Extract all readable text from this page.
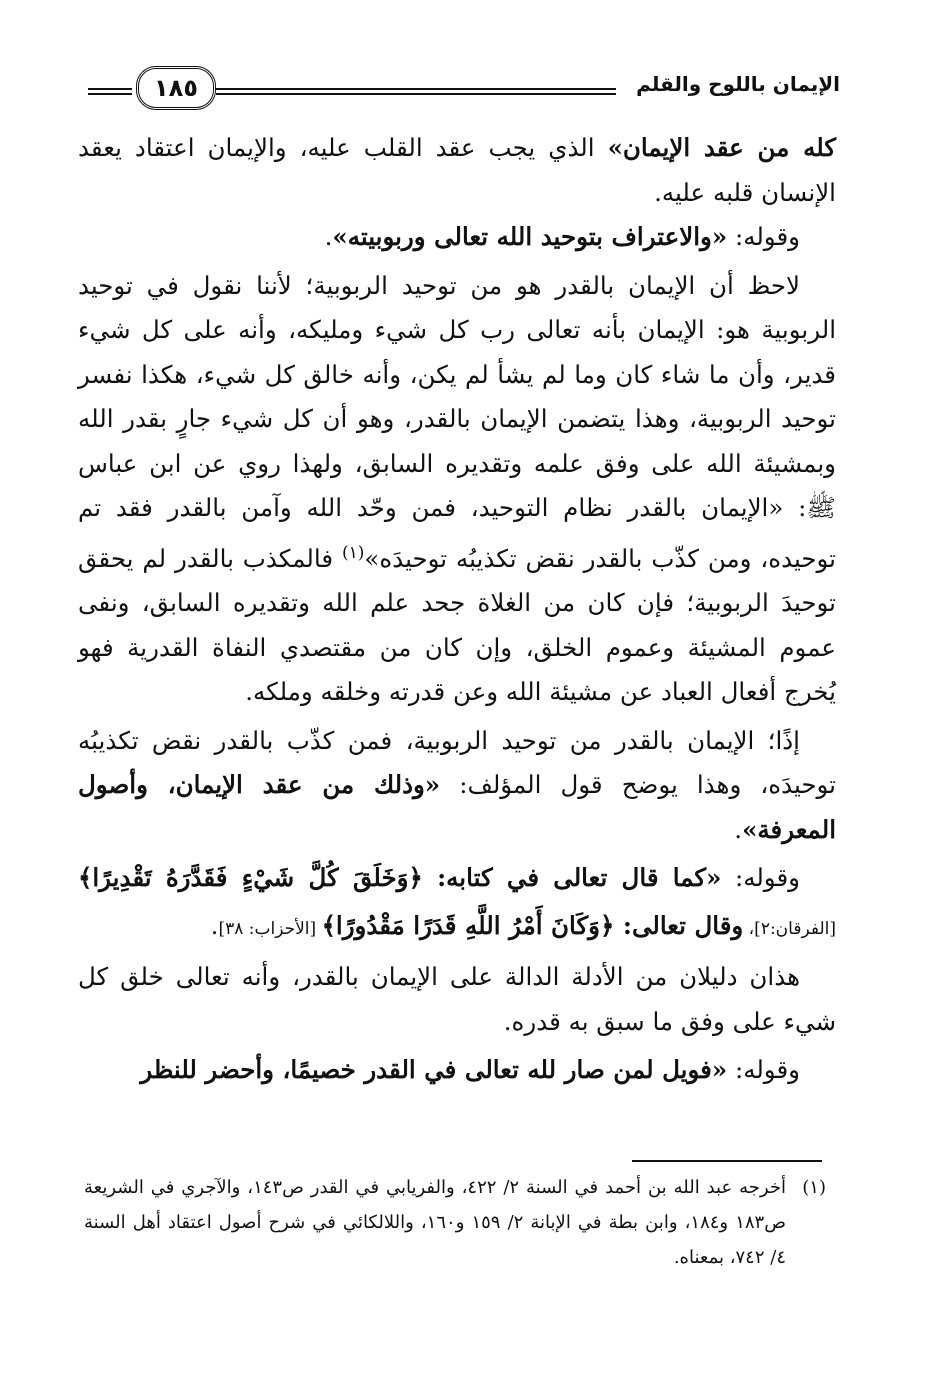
الإيمان باللوح والقلم
١٨٥

كله من عقد الإيمان» الذي يجب عقد القلب عليه، والإيمان اعتقاد يعقد الإنسان قلبه عليه.

وقوله: «والاعتراف بتوحيد الله تعالى وربوبيته».

لاحظ أن الإيمان بالقدر هو من توحيد الربوبية؛ لأننا نقول في توحيد الربوبية هو: الإيمان بأنه تعالى رب كل شيء ومليكه، وأنه على كل شيء قدير، وأن ما شاء كان وما لم يشأ لم يكن، وأنه خالق كل شيء، هكذا نفسر توحيد الربوبية، وهذا يتضمن الإيمان بالقدر، وهو أن كل شيء جارٍ بقدر الله وبمشيئة الله على وفق علمه وتقديره السابق، ولهذا روي عن ابن عباس ﷺ: «الإيمان بالقدر نظام التوحيد، فمن وحّد الله وآمن بالقدر فقد تم توحيده، ومن كذّب بالقدر نقض تكذيبُه توحيدَه»$^{(١)}$ فالمكذب بالقدر لم يحقق توحيدَ الربوبية؛ فإن كان من الغلاة جحد علم الله وتقديره السابق، ونفى عموم المشيئة وعموم الخلق، وإن كان من مقتصدي النفاة القدرية فهو يُخرج أفعال العباد عن مشيئة الله وعن قدرته وخلقه وملكه.

إذًا؛ الإيمان بالقدر من توحيد الربوبية، فمن كذّب بالقدر نقض تكذيبُه توحيدَه، وهذا يوضح قول المؤلف: «وذلك من عقد الإيمان، وأصول المعرفة».

وقوله: «كما قال تعالى في كتابه: ﴿وَخَلَقَ كُلَّ شَيْءٍ فَقَدَّرَهُ تَقْدِيرًا﴾ [الفرقان:٢]، وقال تعالى: ﴿وَكَانَ أَمْرُ اللَّهِ قَدَرًا مَقْدُورًا﴾ [الأحزاب: ٣٨].

هذان دليلان من الأدلة الدالة على الإيمان بالقدر، وأنه تعالى خلق كل شيء على وفق ما سبق به قدره.

وقوله: «فويل لمن صار لله تعالى في القدر خصيمًا، وأحضر للنظر

(١)

أخرجه عبد الله بن أحمد في السنة ٢/ ٤٢٢، والفريابي في القدر ص١٤٣، والآجري في الشريعة ص١٨٣ و١٨٤، وابن بطة في الإبانة ٢/ ١٥٩ و١٦٠، واللالكائي في شرح أصول اعتقاد أهل السنة ٤/ ٧٤٢، بمعناه.
